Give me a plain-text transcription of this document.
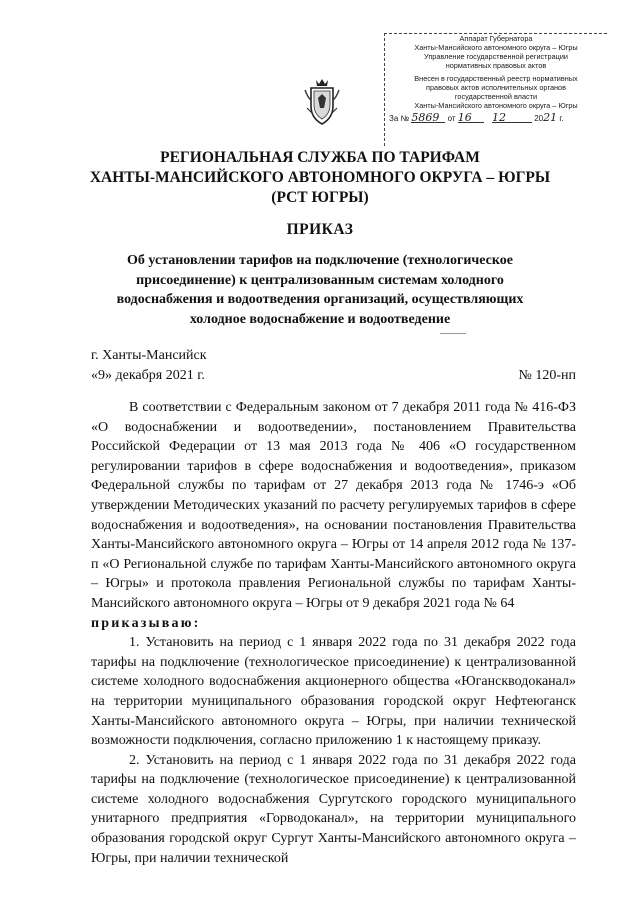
Аппарат Губернатора
Ханты-Мансийского автономного округа – Югры
Управление государственной регистрации
нормативных правовых актов
Внесен в государственный реестр нормативных
правовых актов исполнительных органов
государственной власти
Ханты-Мансийского автономного округа – Югры
За № 5869 от 16 12	2021 г.
РЕГИОНАЛЬНАЯ СЛУЖБА ПО ТАРИФАМ
ХАНТЫ-МАНСИЙСКОГО АВТОНОМНОГО ОКРУГА – ЮГРЫ
(РСТ ЮГРЫ)
ПРИКАЗ
Об установлении тарифов на подключение (технологическое
присоединение) к централизованным системам холодного
водоснабжения и водоотведения организаций, осуществляющих
холодное водоснабжение и водоотведение
г. Ханты-Мансийск
«9» декабря 2021 г.	№ 120-нп

В соответствии с Федеральным законом от 7 декабря 2011 года № 416-ФЗ «О водоснабжении и водоотведении», постановлением Правительства Российской Федерации от 13 мая 2013 года № 406 «О государственном регулировании тарифов в сфере водоснабжения и водоотведения», приказом Федеральной службы по тарифам от 27 декабря 2013 года № 1746-э «Об утверждении Методических указаний по расчету регулируемых тарифов в сфере водоснабжения и водоотведения», на основании постановления Правительства Ханты-Мансийского автономного округа – Югры от 14 апреля 2012 года № 137-п «О Региональной службе по тарифам Ханты-Мансийского автономного округа – Югры» и протокола правления Региональной службы по тарифам Ханты-Мансийского автономного округа – Югры от 9 декабря 2021 года № 64

приказываю:

1. Установить на период с 1 января 2022 года по 31 декабря 2022 года тарифы на подключение (технологическое присоединение) к централизованной системе холодного водоснабжения акционерного общества «Юганскводоканал» на территории муниципального образования городской округ Нефтеюганск Ханты-Мансийского автономного округа – Югры, при наличии технической возможности подключения, согласно приложению 1 к настоящему приказу.

2. Установить на период с 1 января 2022 года по 31 декабря 2022 года тарифы на подключение (технологическое присоединение) к централизованной системе холодного водоснабжения Сургутского городского муниципального унитарного предприятия «Горводоканал», на территории муниципального образования городской округ Сургут Ханты-Мансийского автономного округа – Югры, при наличии технической
